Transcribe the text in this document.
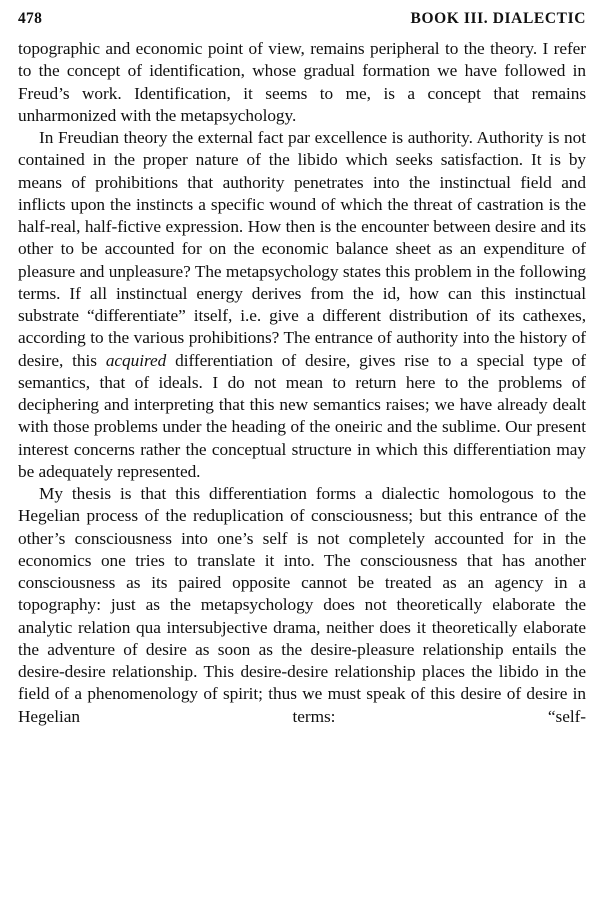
478	BOOK III. DIALECTIC

topographic and economic point of view, remains peripheral to the theory. I refer to the concept of identification, whose gradual formation we have followed in Freud’s work. Identification, it seems to me, is a concept that remains unharmonized with the metapsychology.

In Freudian theory the external fact par excellence is authority. Authority is not contained in the proper nature of the libido which seeks satisfaction. It is by means of prohibitions that authority penetrates into the instinctual field and inflicts upon the instincts a specific wound of which the threat of castration is the half-real, half-fictive expression. How then is the encounter between desire and its other to be accounted for on the economic balance sheet as an expenditure of pleasure and unpleasure? The metapsychology states this problem in the following terms. If all instinctual energy derives from the id, how can this instinctual substrate “differentiate” itself, i.e. give a different distribution of its cathexes, according to the various prohibitions? The entrance of authority into the history of desire, this acquired differentiation of desire, gives rise to a special type of semantics, that of ideals. I do not mean to return here to the problems of deciphering and interpreting that this new semantics raises; we have already dealt with those problems under the heading of the oneiric and the sublime. Our present interest concerns rather the conceptual structure in which this differentiation may be adequately represented.

My thesis is that this differentiation forms a dialectic homologous to the Hegelian process of the reduplication of consciousness; but this entrance of the other’s consciousness into one’s self is not completely accounted for in the economics one tries to translate it into. The consciousness that has another consciousness as its paired opposite cannot be treated as an agency in a topography: just as the metapsychology does not theoretically elaborate the analytic relation qua intersubjective drama, neither does it theoretically elaborate the adventure of desire as soon as the desire-pleasure relationship entails the desire-desire relationship. This desire-desire relationship places the libido in the field of a phenomenology of spirit; thus we must speak of this desire of desire in Hegelian terms: “self-
